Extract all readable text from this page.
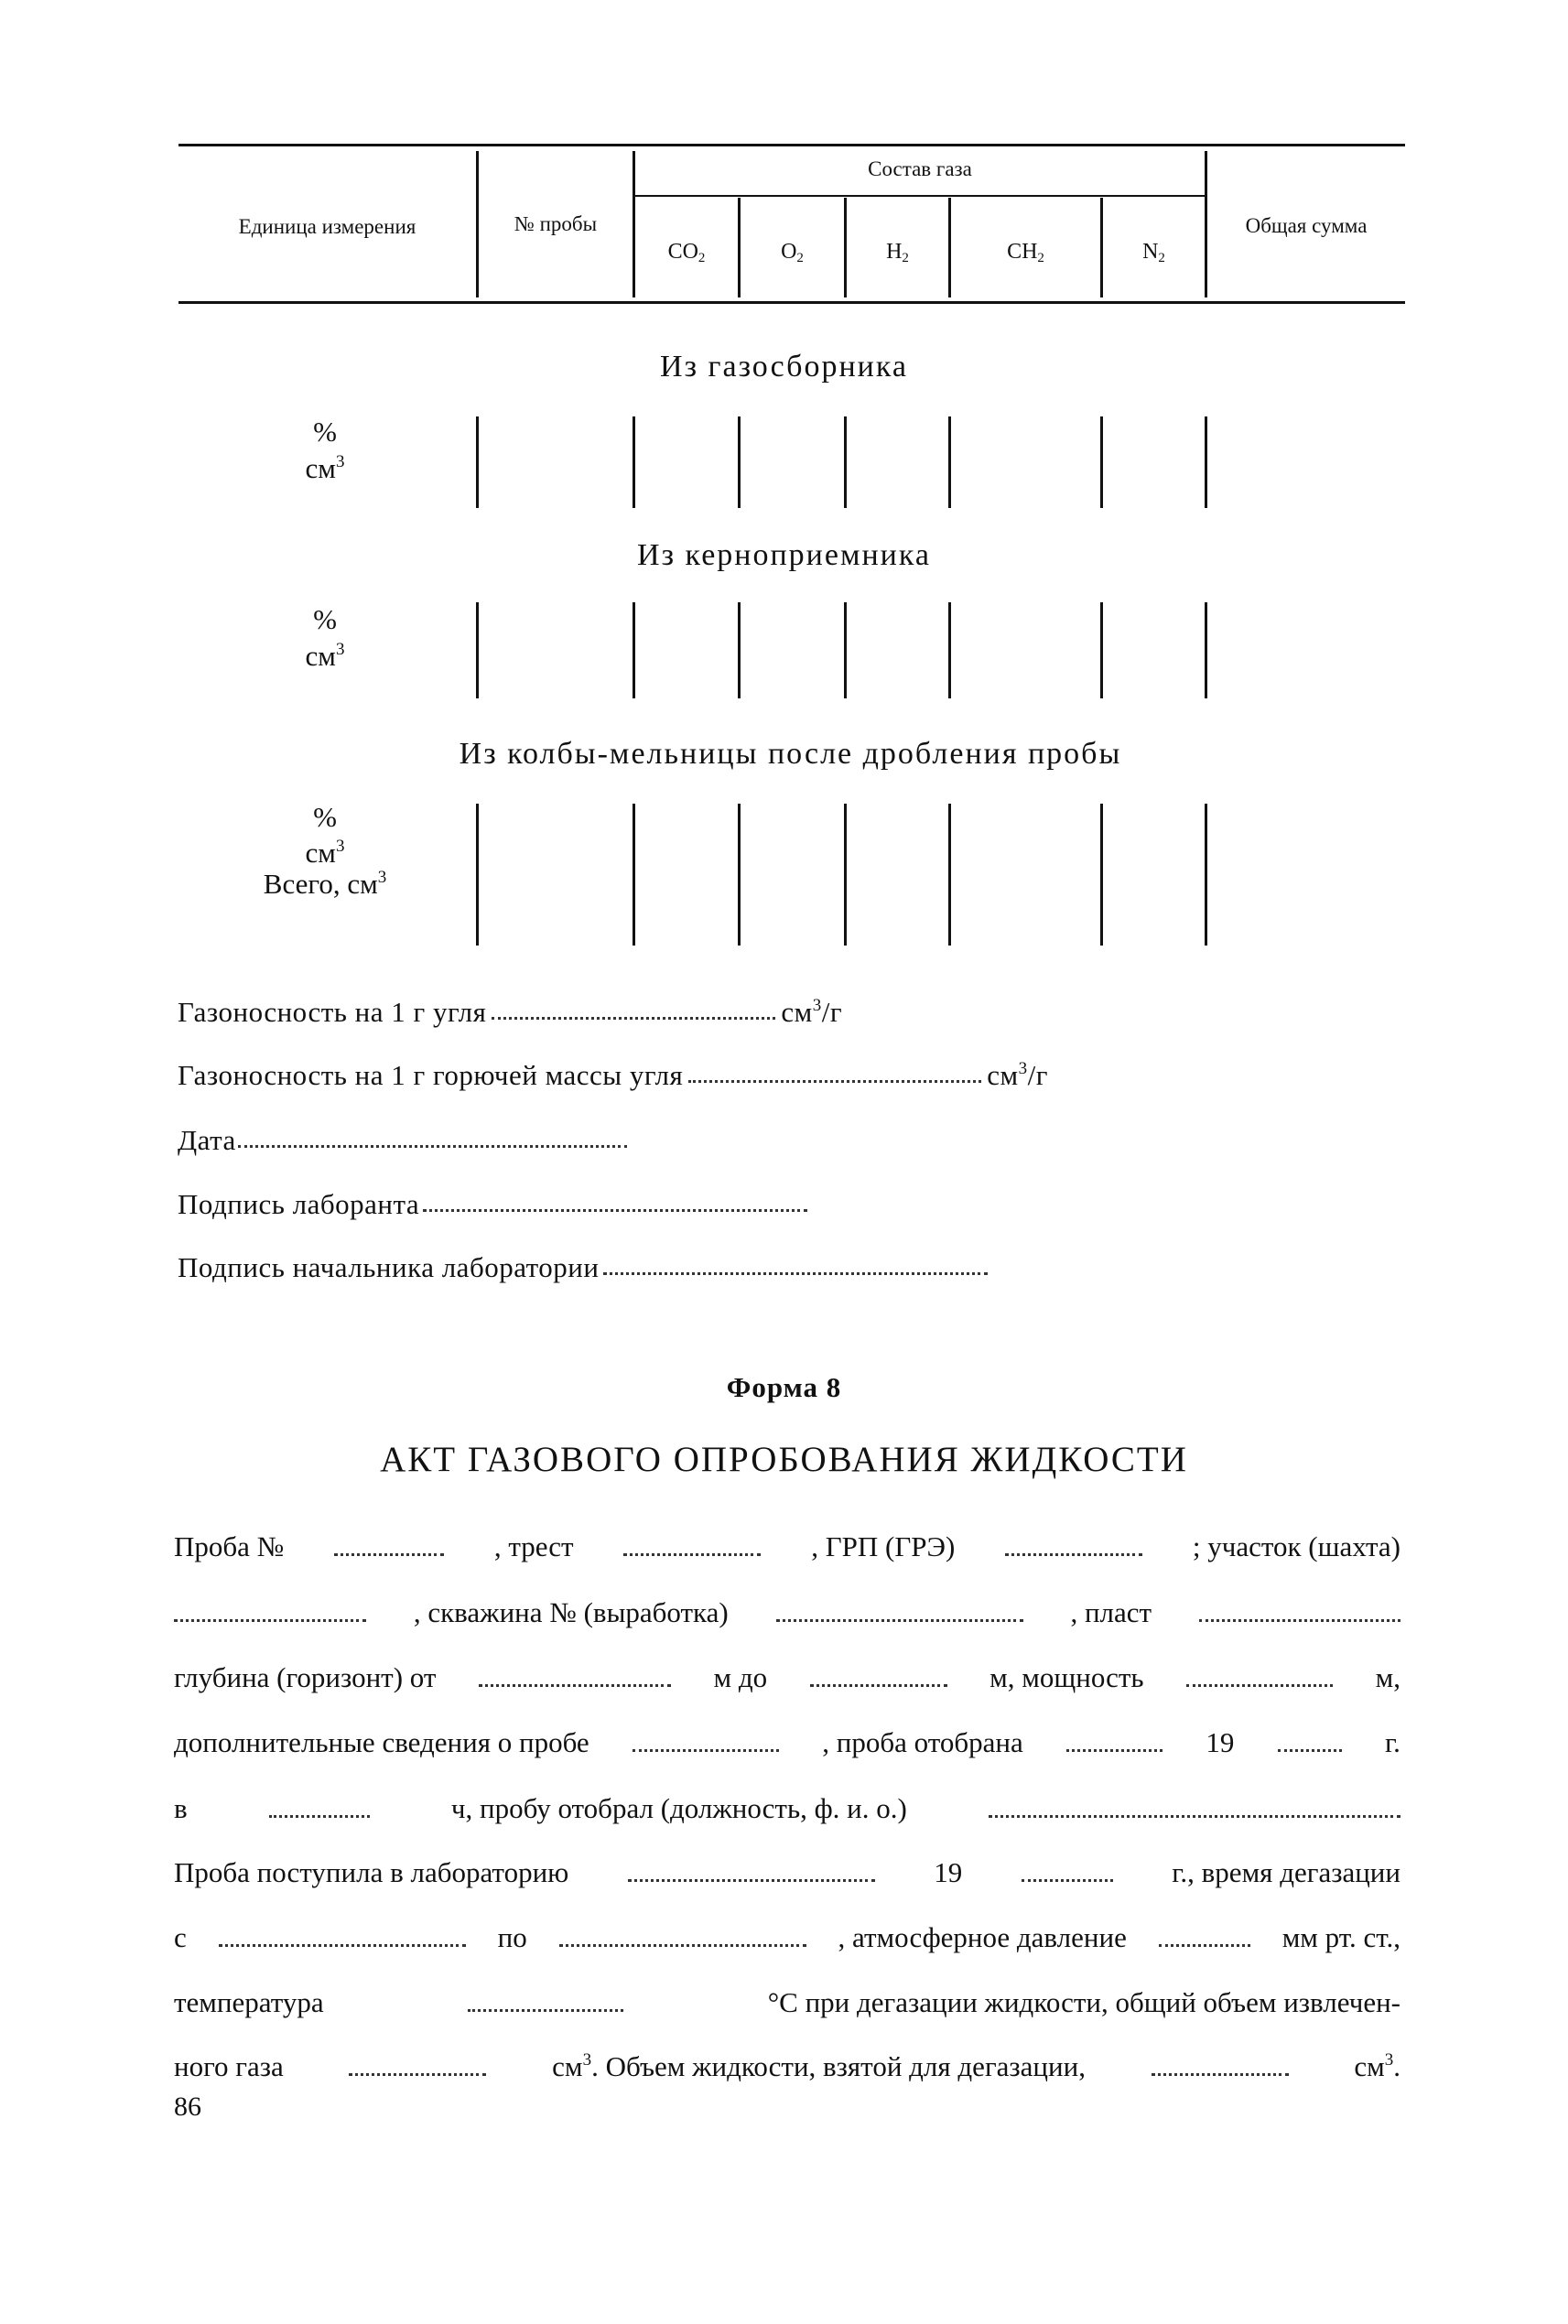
Единица измерения	№ пробы
Состав газа
Общая сумма
$CO_2$	$O_2$	$H_2$	$CH_2$	$N_2$
Из газосборника
%
$см^3$
Из керноприемника
%
$см^3$
Из колбы-мельницы после дробления пробы
%
$см^3$
Всего, $см^3$
Газоносность на 1 г угля	$см^3/г$
Газоносность на 1 г горючей массы угля	$см^3/г$
Дата
Подпись лаборанта
Подпись начальника лаборатории
Форма 8
АКТ ГАЗОВОГО ОПРОБОВАНИЯ ЖИДКОСТИ
Проба №	, трест	, ГРП (ГРЭ)	; участок (шахта)
, скважина № (выработка)	, пласт
глубина (горизонт) от	м до	м, мощность	м,
дополнительные сведения о пробе	, проба отобрана	19	г.
в	ч, пробу отобрал (должность, ф. и. о.)
Проба поступила в лабораторию	19	г., время дегазации
с	по	, атмосферное давление	мм рт. ст.,
температура	°С при дегазации жидкости, общий объем извлечен-
ного газа	$см^3$. Объем жидкости, взятой для дегазации,	$см^3$.
86
